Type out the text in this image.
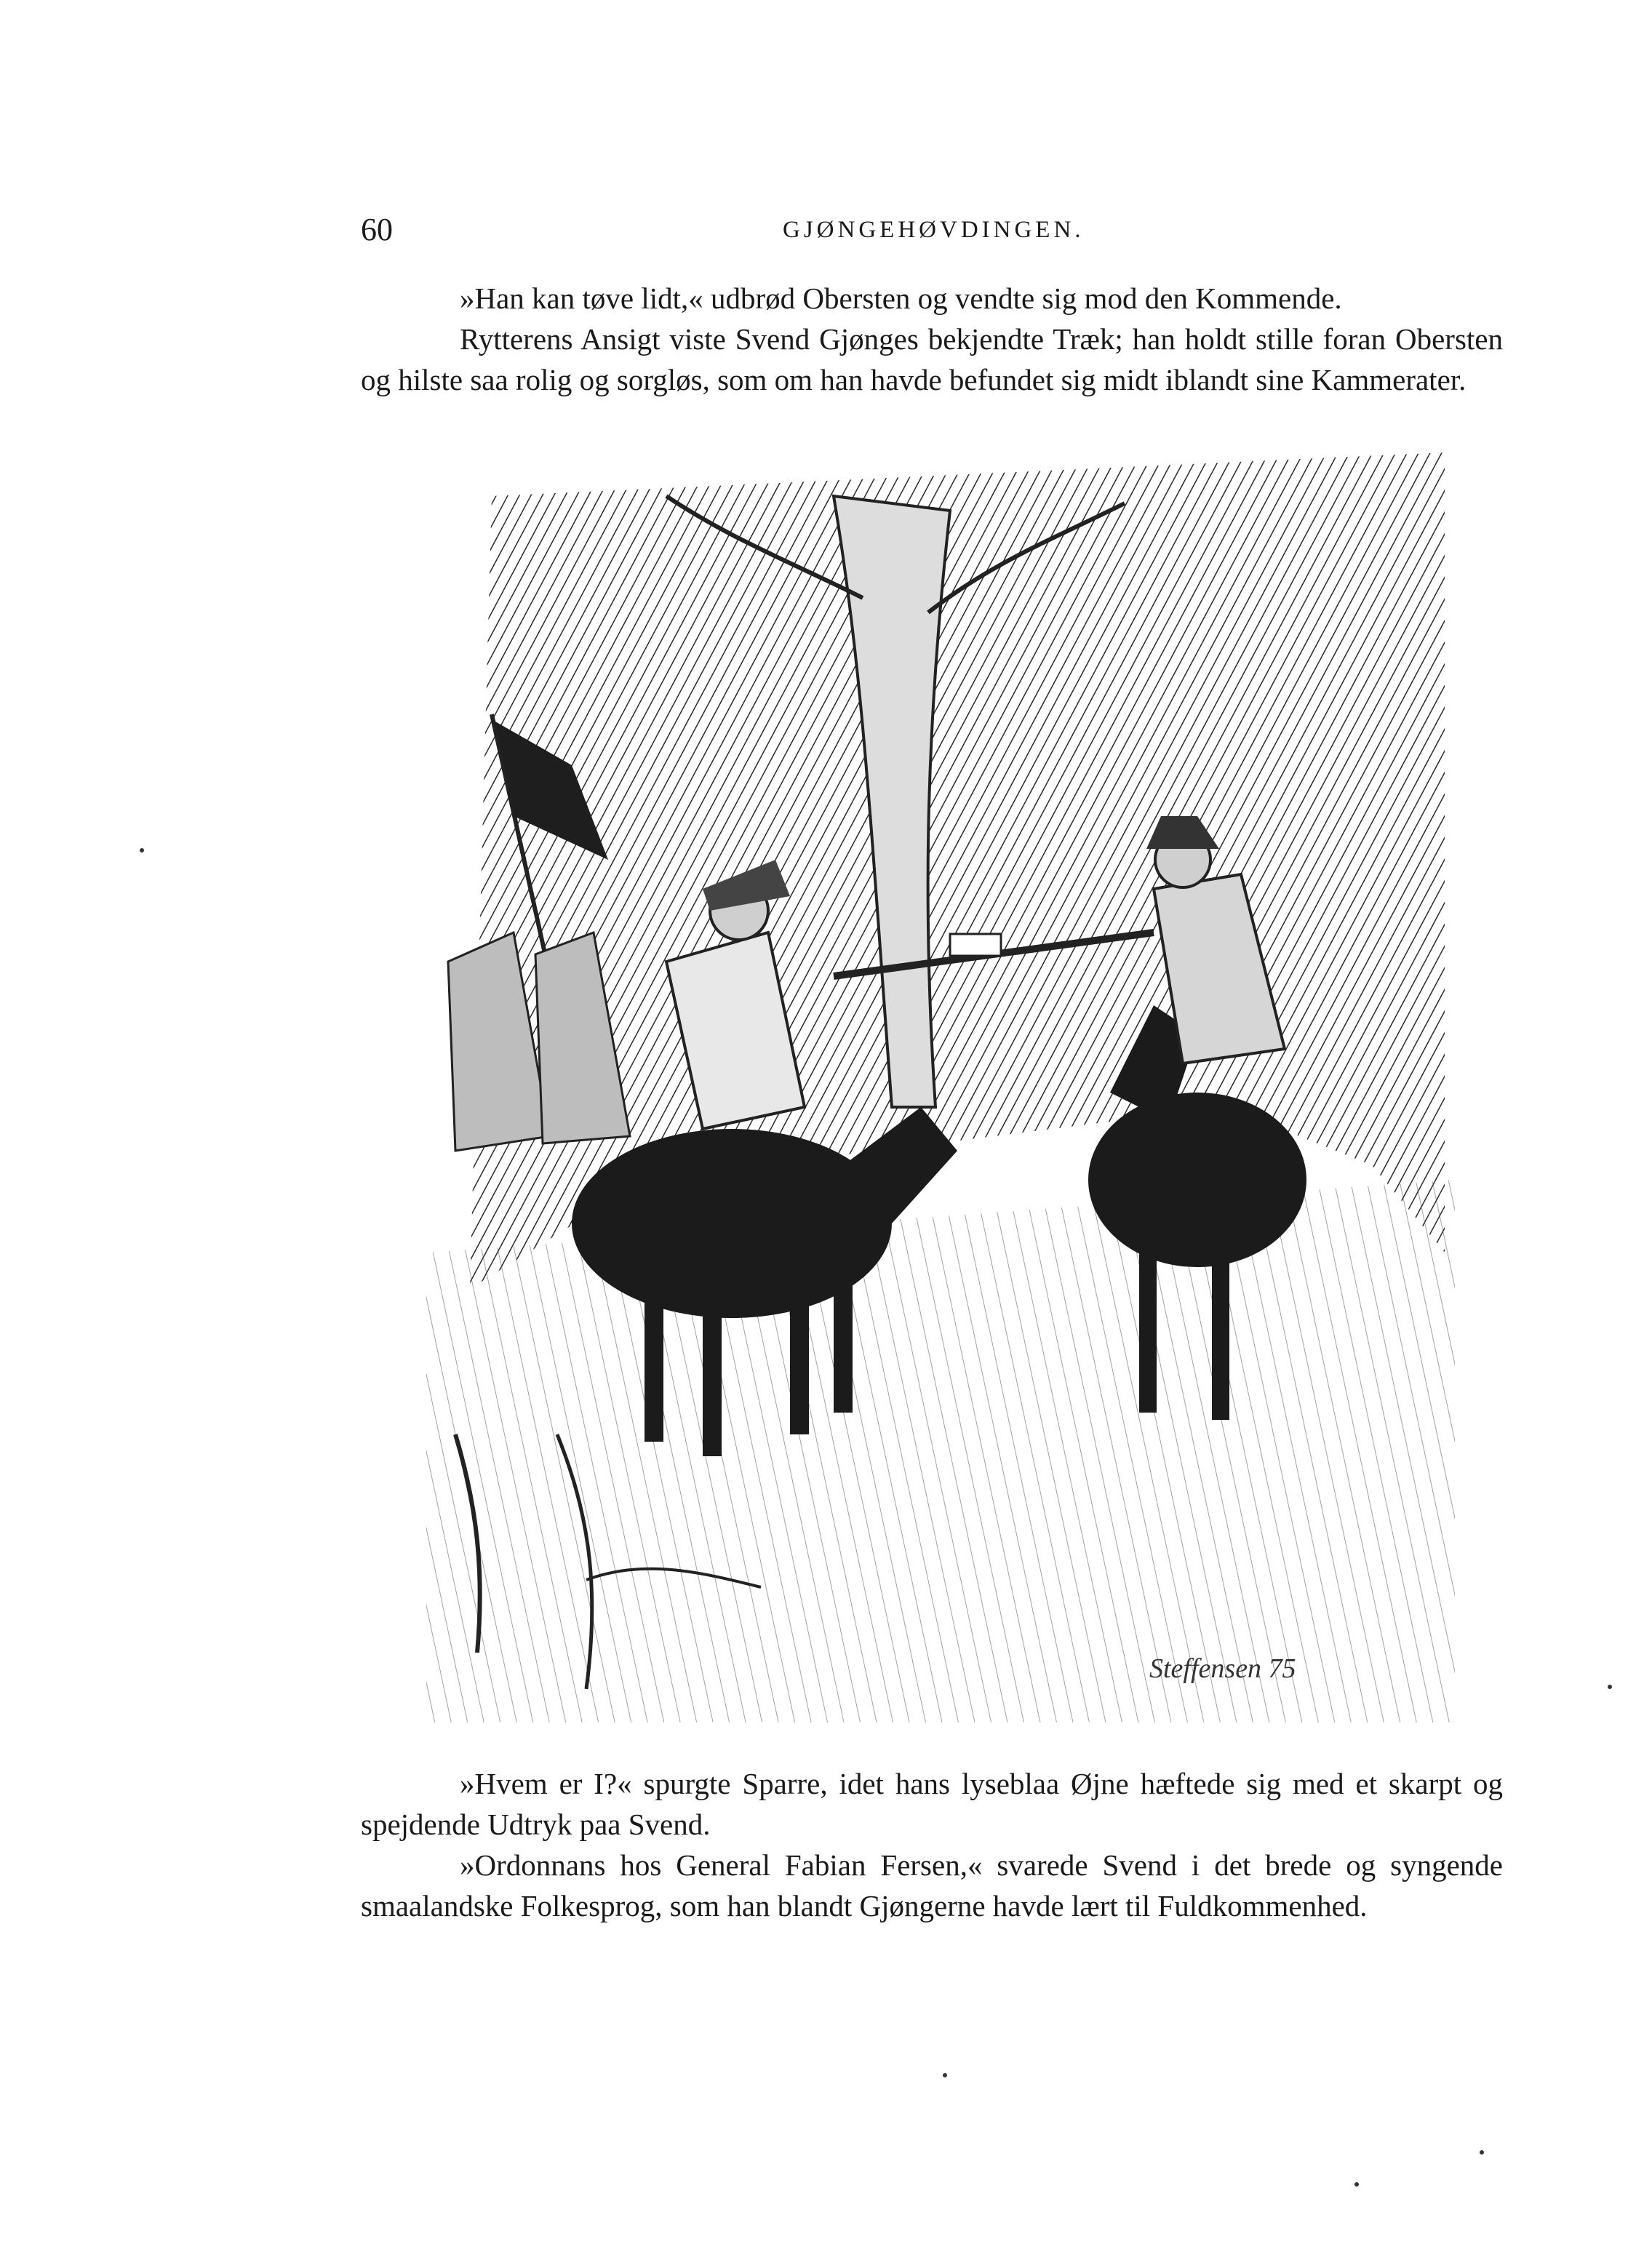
60	GJØNGEHØVDINGEN.

»Han kan tøve lidt,« udbrød Obersten og vendte sig mod den Kommende.

Rytterens Ansigt viste Svend Gjønges bekjendte Træk; han holdt stille foran Obersten og hilste saa rolig og sorgløs, som om han havde befundet sig midt iblandt sine Kammerater.

Steffensen 75

»Hvem er I?« spurgte Sparre, idet hans lyseblaa Øjne hæftede sig med et skarpt og spejdende Udtryk paa Svend.

»Ordonnans hos General Fabian Fersen,« svarede Svend i det brede og syngende smaalandske Folkesprog, som han blandt Gjøngerne havde lært til Fuldkommenhed.
